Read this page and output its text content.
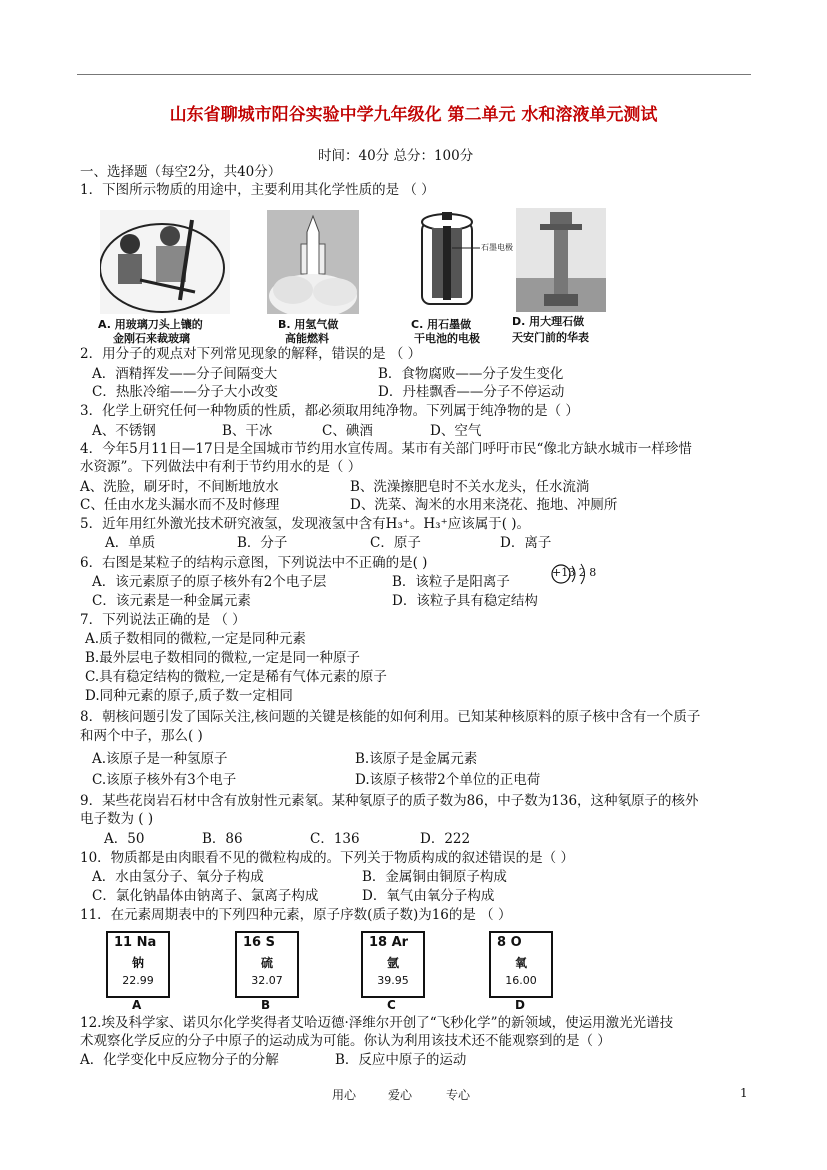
山东省聊城市阳谷实验中学九年级化 第二单元 水和溶液单元测试
时间：40分 总分：100分
一、选择题（每空2分，共40分）
1．下图所示物质的用途中，主要利用其化学性质的是 （ ）
A. 用玻璃刀头上镶的
金刚石来裁玻璃
B. 用氢气做
高能燃料
石墨电极
C. 用石墨做
干电池的电极
D. 用大理石做
天安门前的华表
2．用分子的观点对下列常见现象的解释，错误的是 （ ）
A．酒精挥发——分子间隔变大	B．食物腐败——分子发生变化
C．热胀冷缩——分子大小改变	D．丹桂飘香——分子不停运动
3．化学上研究任何一种物质的性质，都必须取用纯净物。下列属于纯净物的是（ ）
A、不锈钢	B、干冰	C、碘酒	D、空气
4．今年5月11日—17日是全国城市节约用水宣传周。某市有关部门呼吁市民“像北方缺水城市一样珍惜
水资源”。下列做法中有利于节约用水的是（ ）
A、洗脸，刷牙时，不间断地放水	B、洗澡擦肥皂时不关水龙头，任水流淌
C、任由水龙头漏水而不及时修理	D、洗菜、淘米的水用来浇花、拖地、冲厕所
5．近年用红外激光技术研究液氢，发现液氢中含有H₃⁺。H₃⁺应该属于( )。
A．单质	B．分子	C．原子	D．离子
6．右图是某粒子的结构示意图，下列说法中不正确的是( )
A．该元素原子的原子核外有2个电子层	B．该粒子是阳离子
C．该元素是一种金属元素	D．该粒子具有稳定结构
+13 2 8
7．下列说法正确的是 （ ）
A.质子数相同的微粒,一定是同种元素
B.最外层电子数相同的微粒,一定是同一种原子
C.具有稳定结构的微粒,一定是稀有气体元素的原子
D.同种元素的原子,质子数一定相同
8．朝核问题引发了国际关注,核问题的关键是核能的如何利用。已知某种核原料的原子核中含有一个质子
和两个中子，那么( )
A.该原子是一种氢原子	B.该原子是金属元素
C.该原子核外有3个电子	D.该原子核带2个单位的正电荷
9．某些花岗岩石材中含有放射性元素氡。某种氡原子的质子数为86，中子数为136，这种氡原子的核外
电子数为 ( )
A．50	B．86	C．136	D．222
10．物质都是由肉眼看不见的微粒构成的。下列关于物质构成的叙述错误的是（ ）
A．水由氢分子、氧分子构成	B．金属铜由铜原子构成
C．氯化钠晶体由钠离子、氯离子构成	D．氧气由氧分子构成
11．在元素周期表中的下列四种元素，原子序数(质子数)为16的是 （ ）
11 Na
钠
22.99
A
16 S
硫
32.07
B
18 Ar
氩
39.95
C
8 O
氧
16.00
D
12.埃及科学家、诺贝尔化学奖得者艾哈迈德·泽维尔开创了“飞秒化学”的新领域，使运用激光光谱技
术观察化学反应的分子中原子的运动成为可能。你认为利用该技术还不能观察到的是（ ）
A．化学变化中反应物分子的分解	B．反应中原子的运动
用心	爱心	专心	1
